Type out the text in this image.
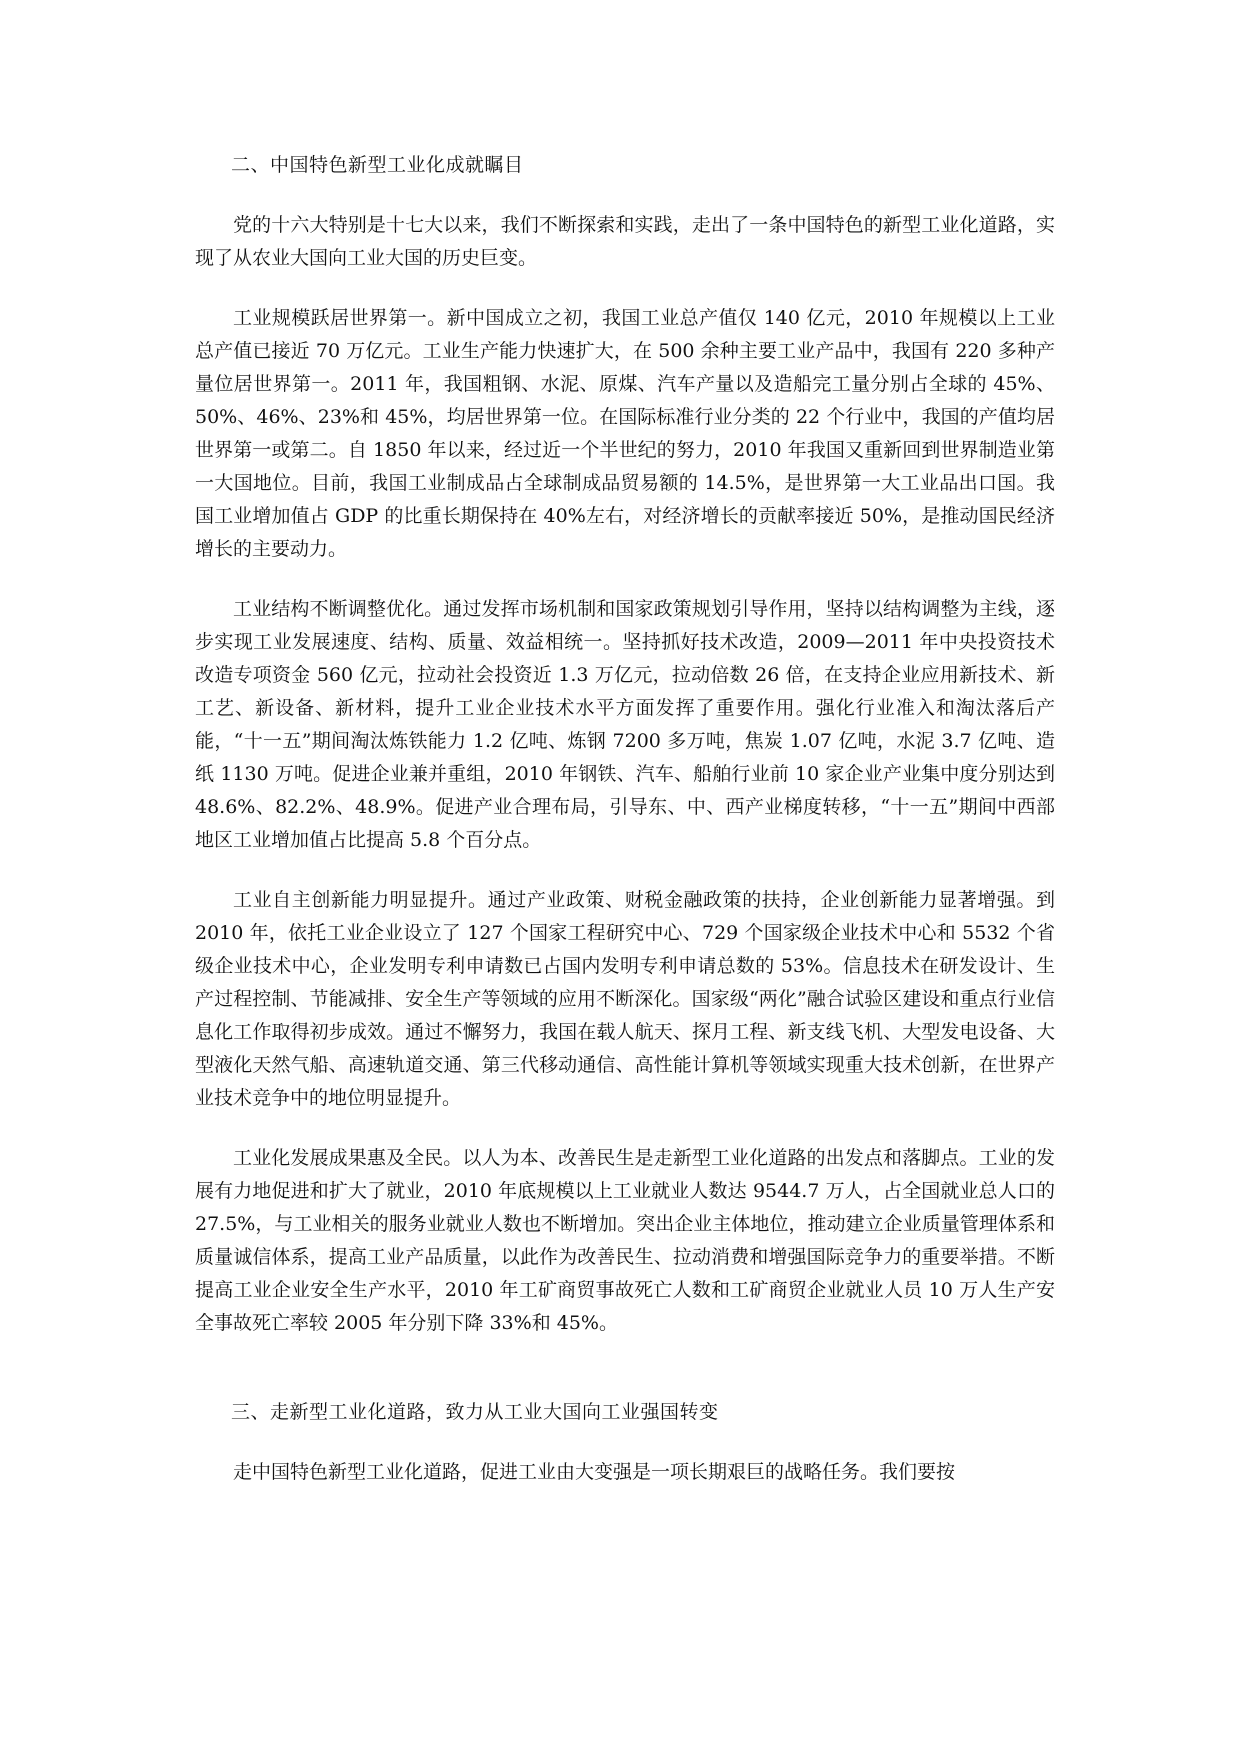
二、中国特色新型工业化成就瞩目

党的十六大特别是十七大以来，我们不断探索和实践，走出了一条中国特色的新型工业化道路，实现了从农业大国向工业大国的历史巨变。

工业规模跃居世界第一。新中国成立之初，我国工业总产值仅 140 亿元，2010 年规模以上工业总产值已接近 70 万亿元。工业生产能力快速扩大，在 500 余种主要工业产品中，我国有 220 多种产量位居世界第一。2011 年，我国粗钢、水泥、原煤、汽车产量以及造船完工量分别占全球的 45%、50%、46%、23%和 45%，均居世界第一位。在国际标准行业分类的 22 个行业中，我国的产值均居世界第一或第二。自 1850 年以来，经过近一个半世纪的努力，2010 年我国又重新回到世界制造业第一大国地位。目前，我国工业制成品占全球制成品贸易额的 14.5%，是世界第一大工业品出口国。我国工业增加值占 GDP 的比重长期保持在 40%左右，对经济增长的贡献率接近 50%，是推动国民经济增长的主要动力。

工业结构不断调整优化。通过发挥市场机制和国家政策规划引导作用，坚持以结构调整为主线，逐步实现工业发展速度、结构、质量、效益相统一。坚持抓好技术改造，2009—2011 年中央投资技术改造专项资金 560 亿元，拉动社会投资近 1.3 万亿元，拉动倍数 26 倍，在支持企业应用新技术、新工艺、新设备、新材料，提升工业企业技术水平方面发挥了重要作用。强化行业准入和淘汰落后产能，“十一五”期间淘汰炼铁能力 1.2 亿吨、炼钢 7200 多万吨，焦炭 1.07 亿吨，水泥 3.7 亿吨、造纸 1130 万吨。促进企业兼并重组，2010 年钢铁、汽车、船舶行业前 10 家企业产业集中度分别达到 48.6%、82.2%、48.9%。促进产业合理布局，引导东、中、西产业梯度转移，“十一五”期间中西部地区工业增加值占比提高 5.8 个百分点。

工业自主创新能力明显提升。通过产业政策、财税金融政策的扶持，企业创新能力显著增强。到 2010 年，依托工业企业设立了 127 个国家工程研究中心、729 个国家级企业技术中心和 5532 个省级企业技术中心，企业发明专利申请数已占国内发明专利申请总数的 53%。信息技术在研发设计、生产过程控制、节能减排、安全生产等领域的应用不断深化。国家级“两化”融合试验区建设和重点行业信息化工作取得初步成效。通过不懈努力，我国在载人航天、探月工程、新支线飞机、大型发电设备、大型液化天然气船、高速轨道交通、第三代移动通信、高性能计算机等领域实现重大技术创新，在世界产业技术竞争中的地位明显提升。

工业化发展成果惠及全民。以人为本、改善民生是走新型工业化道路的出发点和落脚点。工业的发展有力地促进和扩大了就业，2010 年底规模以上工业就业人数达 9544.7 万人，占全国就业总人口的 27.5%，与工业相关的服务业就业人数也不断增加。突出企业主体地位，推动建立企业质量管理体系和质量诚信体系，提高工业产品质量，以此作为改善民生、拉动消费和增强国际竞争力的重要举措。不断提高工业企业安全生产水平，2010 年工矿商贸事故死亡人数和工矿商贸企业就业人员 10 万人生产安全事故死亡率较 2005 年分别下降 33%和 45%。

三、走新型工业化道路，致力从工业大国向工业强国转变

走中国特色新型工业化道路，促进工业由大变强是一项长期艰巨的战略任务。我们要按
